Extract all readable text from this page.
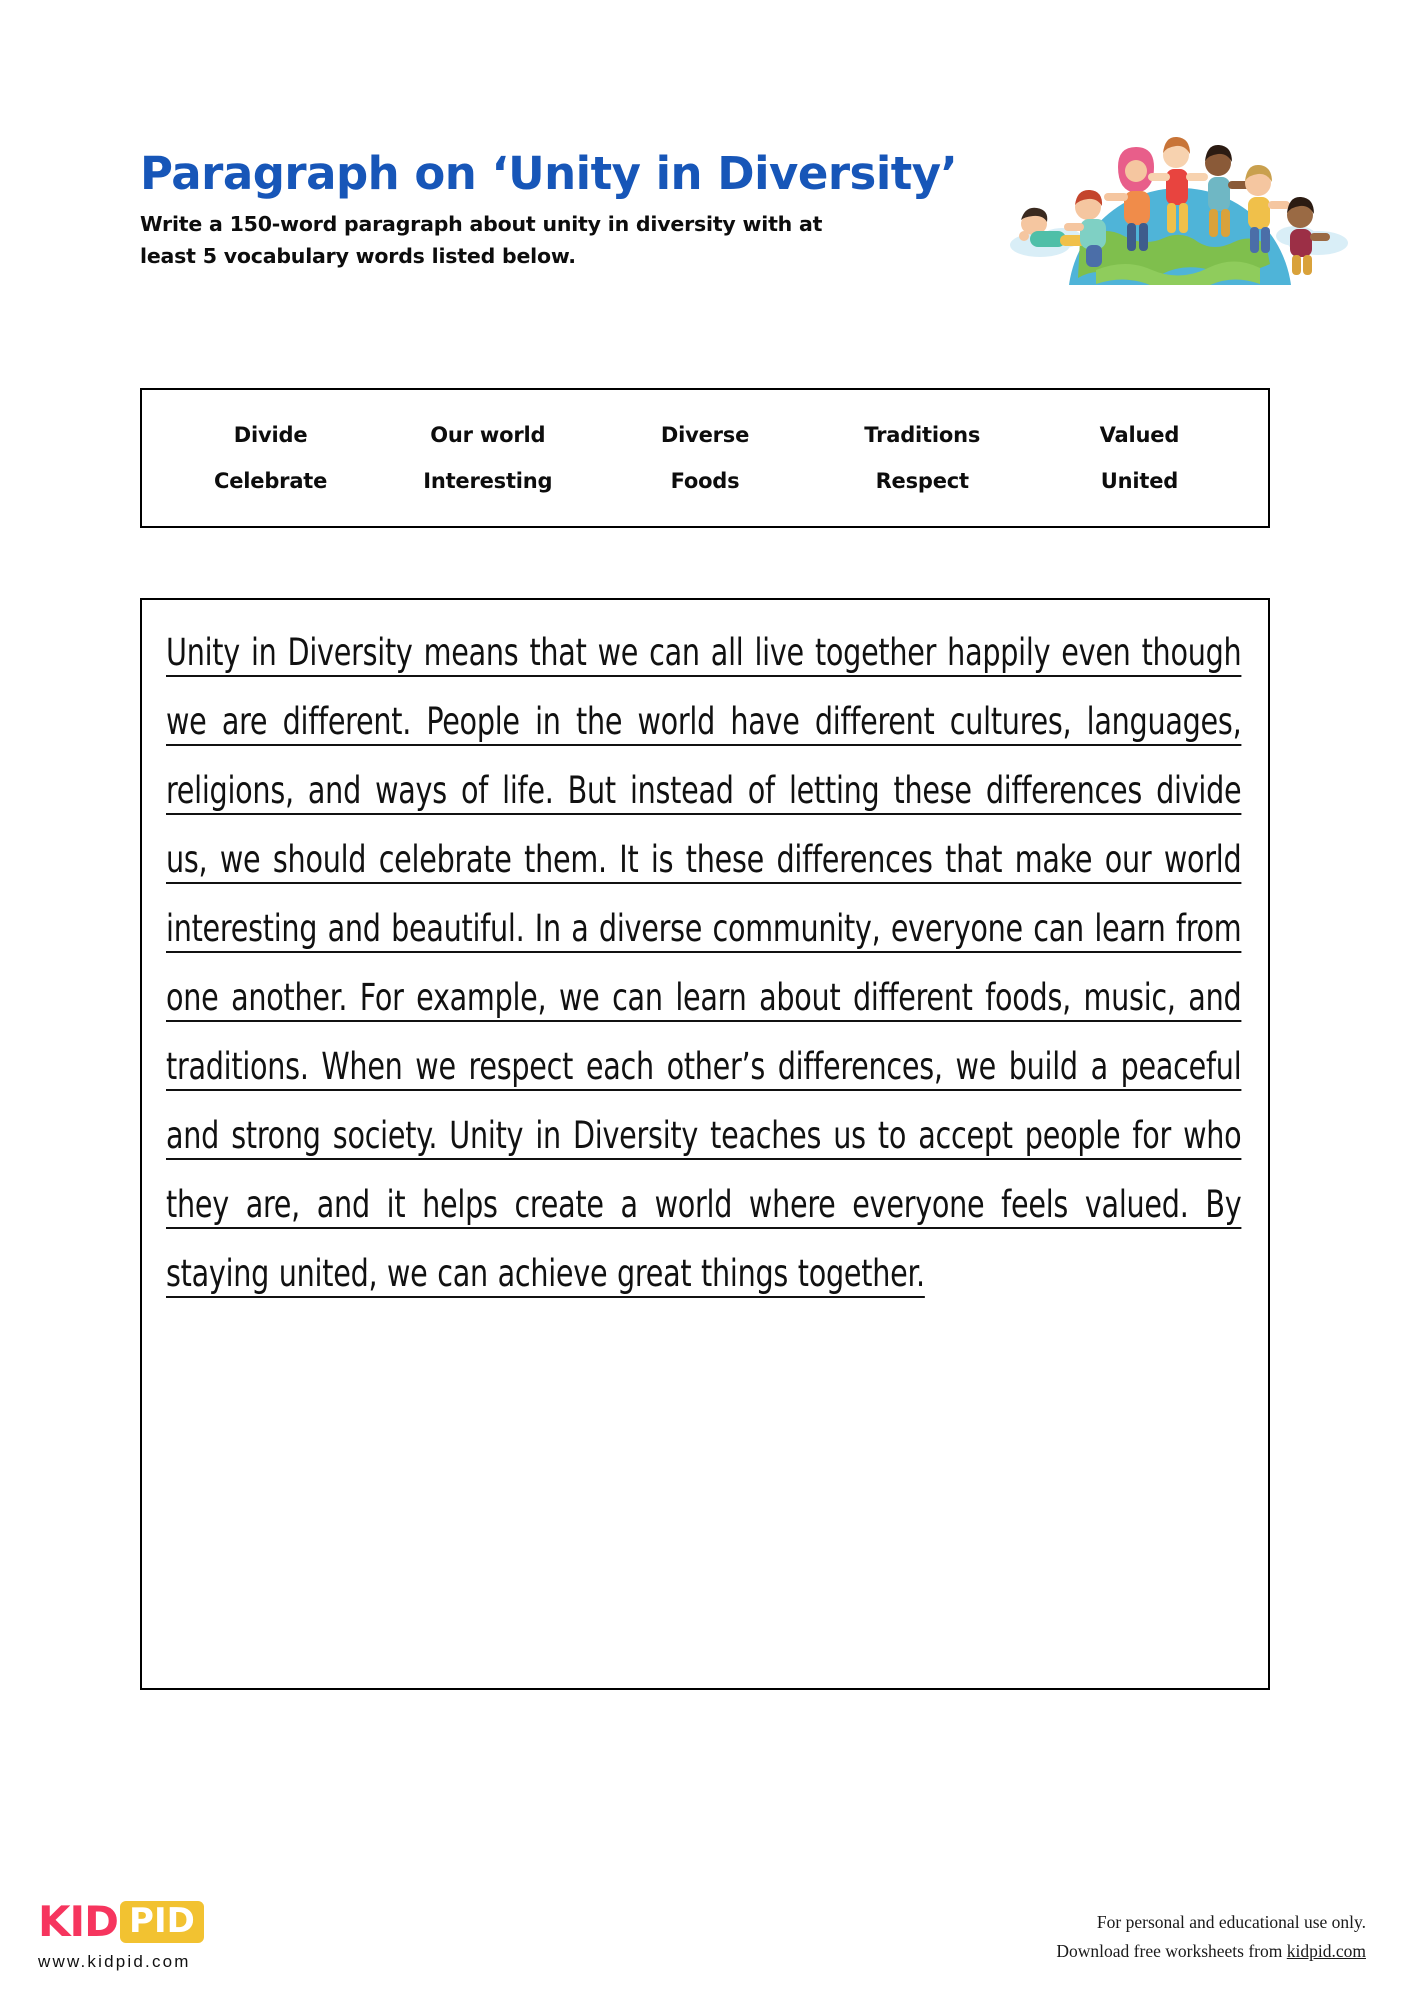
Paragraph on ‘Unity in Diversity’
Write a 150-word paragraph about unity in diversity with at least 5 vocabulary words listed below.
Divide	Our world	Diverse	Traditions	Valued
Celebrate	Interesting	Foods	Respect	United
Unity in Diversity means that we can all live together happily even though we are different. People in the world have different cultures, languages, religions, and ways of life. But instead of letting these differences divide us, we should celebrate them. It is these differences that make our world interesting and beautiful. In a diverse community, everyone can learn from one another. For example, we can learn about different foods, music, and traditions. When we respect each other’s differences, we build a peaceful and strong society. Unity in Diversity teaches us to accept people for who they are, and it helps create a world where everyone feels valued. By staying united, we can achieve great things together.
KID PID
www.kidpid.com
For personal and educational use only.
Download free worksheets from kidpid.com
